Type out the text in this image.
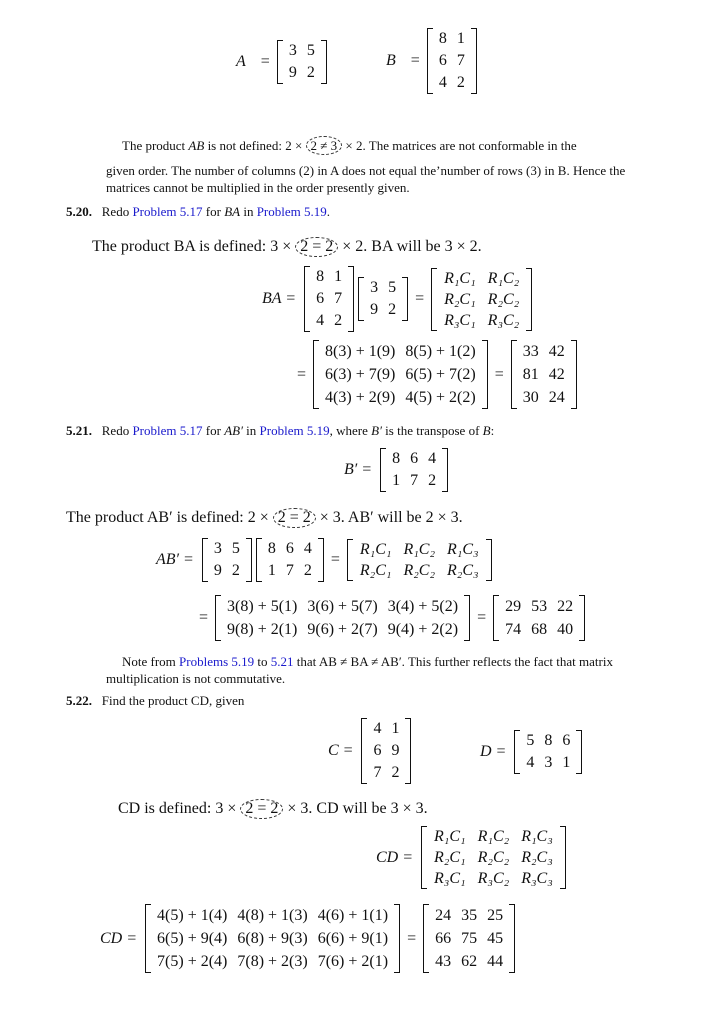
A =
3	5
9	2
B =
8	1
6	7
4	2
The product AB is not defined: 2 × 2 ≠ 3 × 2. The matrices are not conformable in the
given order. The number of columns (2) in A does not equal the’number of rows (3) in B. Hence the
matrices cannot be multiplied in the order presently given.
5.20. Redo Problem 5.17 for BA in Problem 5.19.
The product BA is defined: 3 × 2 = 2 × 2. BA will be 3 × 2.
BA =
8	1
6	7
4	2
3	5
9	2
=
R₁C₁	R₁C₂
R₂C₁	R₂C₂
R₃C₁	R₃C₂
=
8(3) + 1(9)	8(5) + 1(2)
6(3) + 7(9)	6(5) + 7(2)
4(3) + 2(9)	4(5) + 2(2)
=
33	42
81	42
30	24
5.21. Redo Problem 5.17 for AB′ in Problem 5.19, where B′ is the transpose of B:
B′ =
8	6	4
1	7	2
The product AB′ is defined: 2 × 2 = 2 × 3. AB′ will be 2 × 3.
AB′ =
3	5
9	2
8	6	4
1	7	2
=
R₁C₁	R₁C₂	R₁C₃
R₂C₁	R₂C₂	R₂C₃
=
3(8) + 5(1)	3(6) + 5(7)	3(4) + 5(2)
9(8) + 2(1)	9(6) + 2(7)	9(4) + 2(2)
=
29	53	22
74	68	40
Note from Problems 5.19 to 5.21 that AB ≠ BA ≠ AB′. This further reflects the fact that matrix
multiplication is not commutative.
5.22. Find the product CD, given
C =
4	1
6	9
7	2
D =
5	8	6
4	3	1
CD is defined: 3 × 2 = 2 × 3. CD will be 3 × 3.
CD =
R₁C₁	R₁C₂	R₁C₃
R₂C₁	R₂C₂	R₂C₃
R₃C₁	R₃C₂	R₃C₃
CD =
4(5) + 1(4)	4(8) + 1(3)	4(6) + 1(1)
6(5) + 9(4)	6(8) + 9(3)	6(6) + 9(1)
7(5) + 2(4)	7(8) + 2(3)	7(6) + 2(1)
=
24	35	25
66	75	45
43	62	44
